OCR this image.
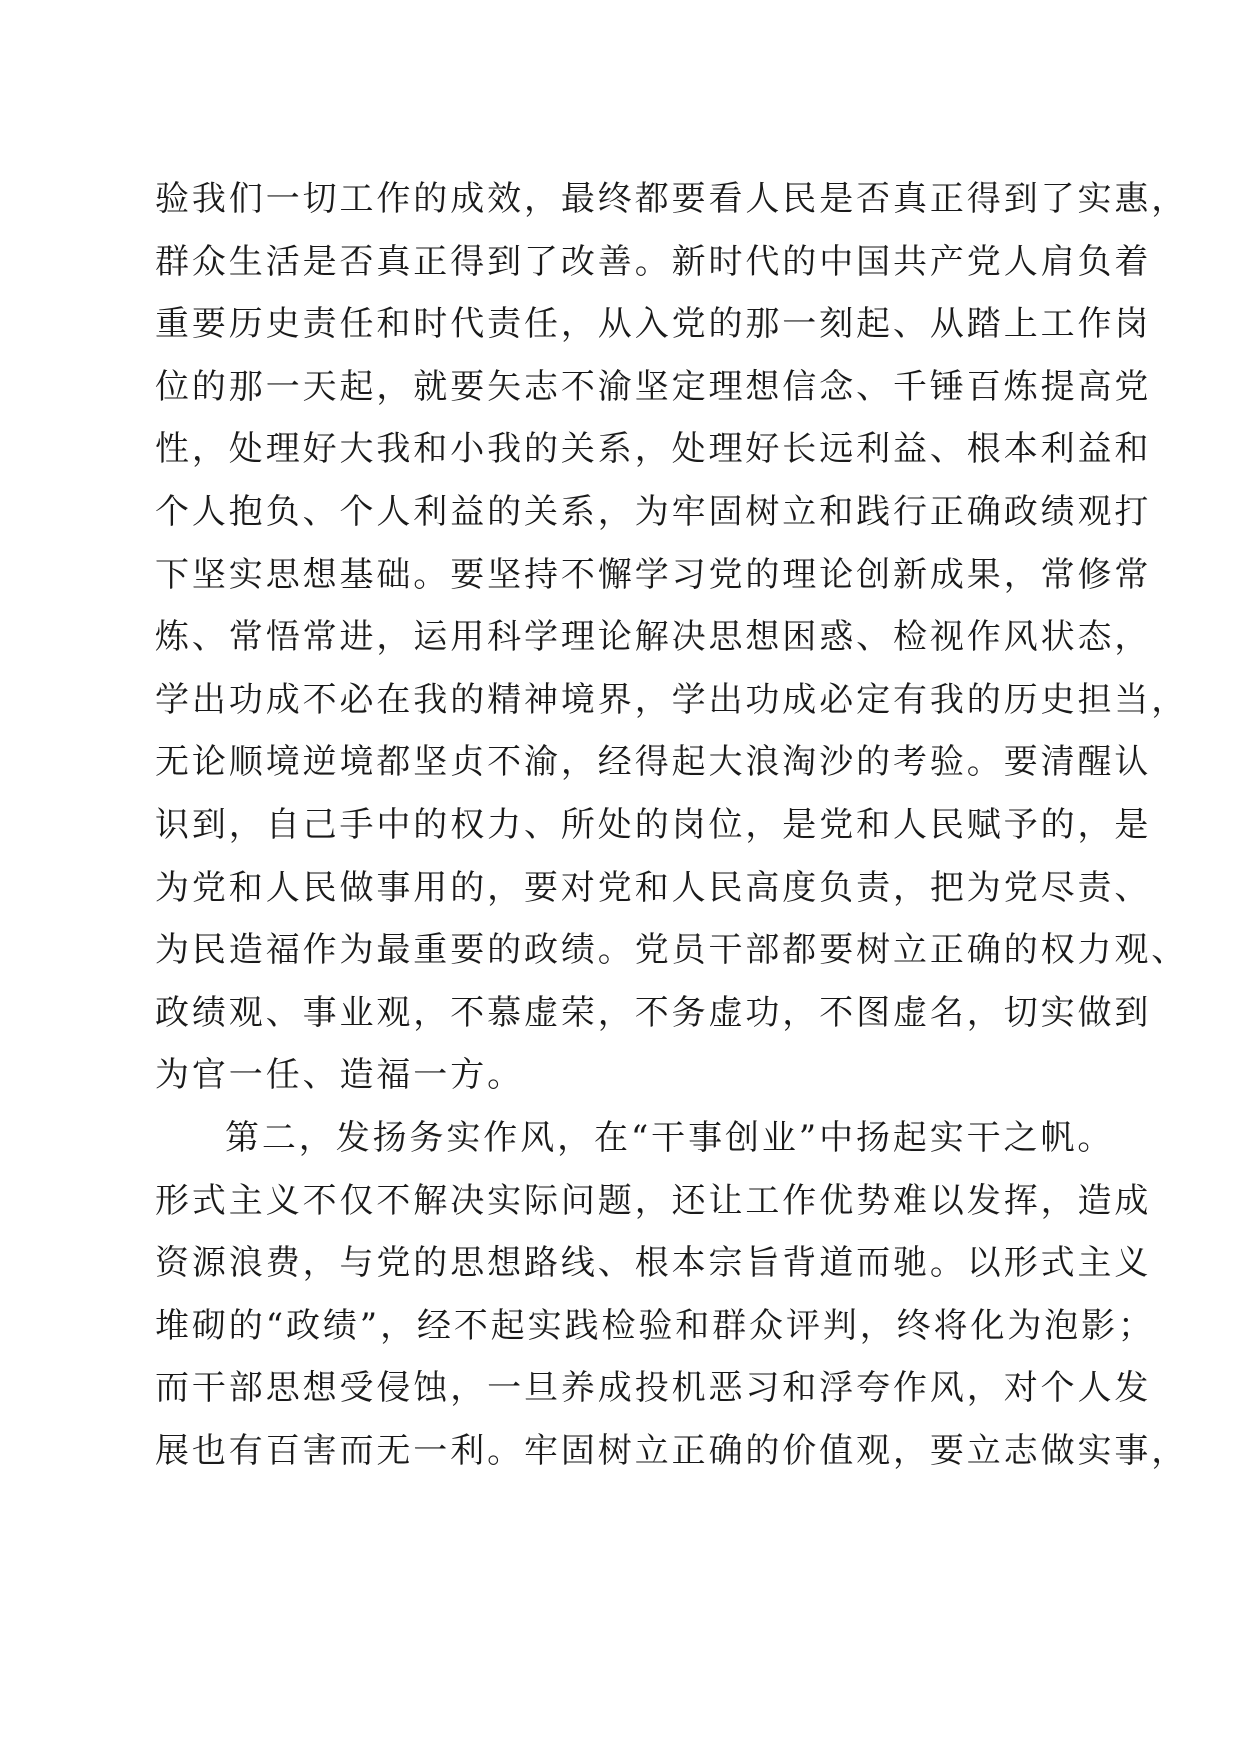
验我们一切工作的成效，最终都要看人民是否真正得到了实惠，
群众生活是否真正得到了改善。新时代的中国共产党人肩负着
重要历史责任和时代责任，从入党的那一刻起、从踏上工作岗
位的那一天起，就要矢志不渝坚定理想信念、千锤百炼提高党
性，处理好大我和小我的关系，处理好长远利益、根本利益和
个人抱负、个人利益的关系，为牢固树立和践行正确政绩观打
下坚实思想基础。要坚持不懈学习党的理论创新成果，常修常
炼、常悟常进，运用科学理论解决思想困惑、检视作风状态，
学出功成不必在我的精神境界，学出功成必定有我的历史担当，
无论顺境逆境都坚贞不渝，经得起大浪淘沙的考验。要清醒认
识到，自己手中的权力、所处的岗位，是党和人民赋予的，是
为党和人民做事用的，要对党和人民高度负责，把为党尽责、
为民造福作为最重要的政绩。党员干部都要树立正确的权力观、
政绩观、事业观，不慕虚荣，不务虚功，不图虚名，切实做到
为官一任、造福一方。
第二，发扬务实作风，在“干事创业”中扬起实干之帆。
形式主义不仅不解决实际问题，还让工作优势难以发挥，造成
资源浪费，与党的思想路线、根本宗旨背道而驰。以形式主义
堆砌的“政绩”，经不起实践检验和群众评判，终将化为泡影；
而干部思想受侵蚀，一旦养成投机恶习和浮夸作风，对个人发
展也有百害而无一利。牢固树立正确的价值观，要立志做实事，
